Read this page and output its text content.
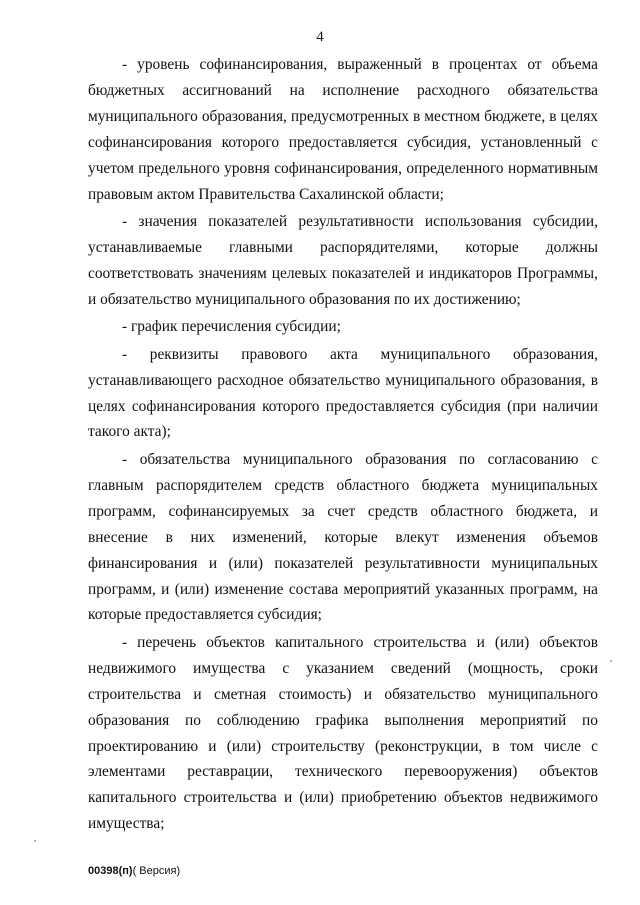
4

- уровень софинансирования, выраженный в процентах от объема бюджетных ассигнований на исполнение расходного обязательства муниципального образования, предусмотренных в местном бюджете, в целях софинансирования которого предоставляется субсидия, установленный с учетом предельного уровня софинансирования, определенного нормативным правовым актом Правительства Сахалинской области;

- значения показателей результативности использования субсидии, устанавливаемые главными распорядителями, которые должны соответствовать значениям целевых показателей и индикаторов Программы, и обязательство муниципального образования по их достижению;

- график перечисления субсидии;

- реквизиты правового акта муниципального образования, устанавливающего расходное обязательство муниципального образования, в целях софинансирования которого предоставляется субсидия (при наличии такого акта);

- обязательства муниципального образования по согласованию с главным распорядителем средств областного бюджета муниципальных программ, софинансируемых за счет средств областного бюджета, и внесение в них изменений, которые влекут изменения объемов финансирования и (или) показателей результативности муниципальных программ, и (или) изменение состава мероприятий указанных программ, на которые предоставляется субсидия;

- перечень объектов капитального строительства и (или) объектов недвижимого имущества с указанием сведений (мощность, сроки строительства и сметная стоимость) и обязательство муниципального образования по соблюдению графика выполнения мероприятий по проектированию и (или) строительству (реконструкции, в том числе с элементами реставрации, технического перевооружения) объектов капитального строительства и (или) приобретению объектов недвижимого имущества;

00398(п)( Версия)
